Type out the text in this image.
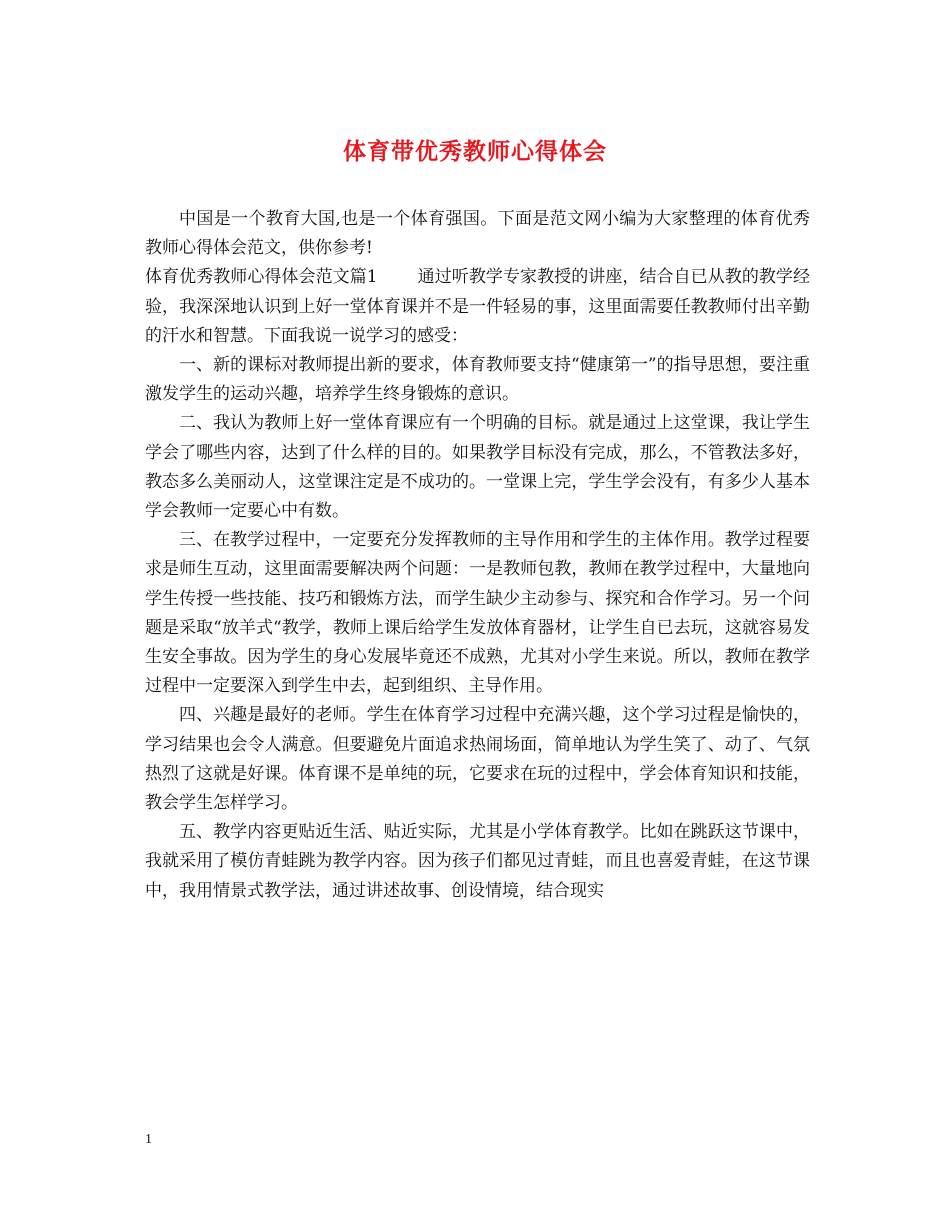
体育带优秀教师心得体会

中国是一个教育大国,也是一个体育强国。下面是范文网小编为大家整理的体育优秀教师心得体会范文，供你参考!

体育优秀教师心得体会范文篇1 通过听教学专家教授的讲座，结合自已从教的教学经验，我深深地认识到上好一堂体育课并不是一件轻易的事，这里面需要任教教师付出辛勤的汗水和智慧。下面我说一说学习的感受：

一、新的课标对教师提出新的要求，体育教师要支持“健康第一”的指导思想，要注重激发学生的运动兴趣，培养学生终身锻炼的意识。

二、我认为教师上好一堂体育课应有一个明确的目标。就是通过上这堂课，我让学生学会了哪些内容，达到了什么样的目的。如果教学目标没有完成，那么，不管教法多好，教态多么美丽动人，这堂课注定是不成功的。一堂课上完，学生学会没有，有多少人基本学会教师一定要心中有数。

三、在教学过程中，一定要充分发挥教师的主导作用和学生的主体作用。教学过程要求是师生互动，这里面需要解决两个问题：一是教师包教，教师在教学过程中，大量地向学生传授一些技能、技巧和锻炼方法，而学生缺少主动参与、探究和合作学习。另一个问题是采取“放羊式“教学，教师上课后给学生发放体育器材，让学生自已去玩，这就容易发生安全事故。因为学生的身心发展毕竟还不成熟，尤其对小学生来说。所以，教师在教学过程中一定要深入到学生中去，起到组织、主导作用。

四、兴趣是最好的老师。学生在体育学习过程中充满兴趣，这个学习过程是愉快的，学习结果也会令人满意。但要避免片面追求热闹场面，简单地认为学生笑了、动了、气氛热烈了这就是好课。体育课不是单纯的玩，它要求在玩的过程中，学会体育知识和技能，教会学生怎样学习。

五、教学内容更贴近生活、贴近实际，尤其是小学体育教学。比如在跳跃这节课中，我就采用了模仿青蛙跳为教学内容。因为孩子们都见过青蛙，而且也喜爱青蛙，在这节课中，我用情景式教学法，通过讲述故事、创设情境，结合现实

1
